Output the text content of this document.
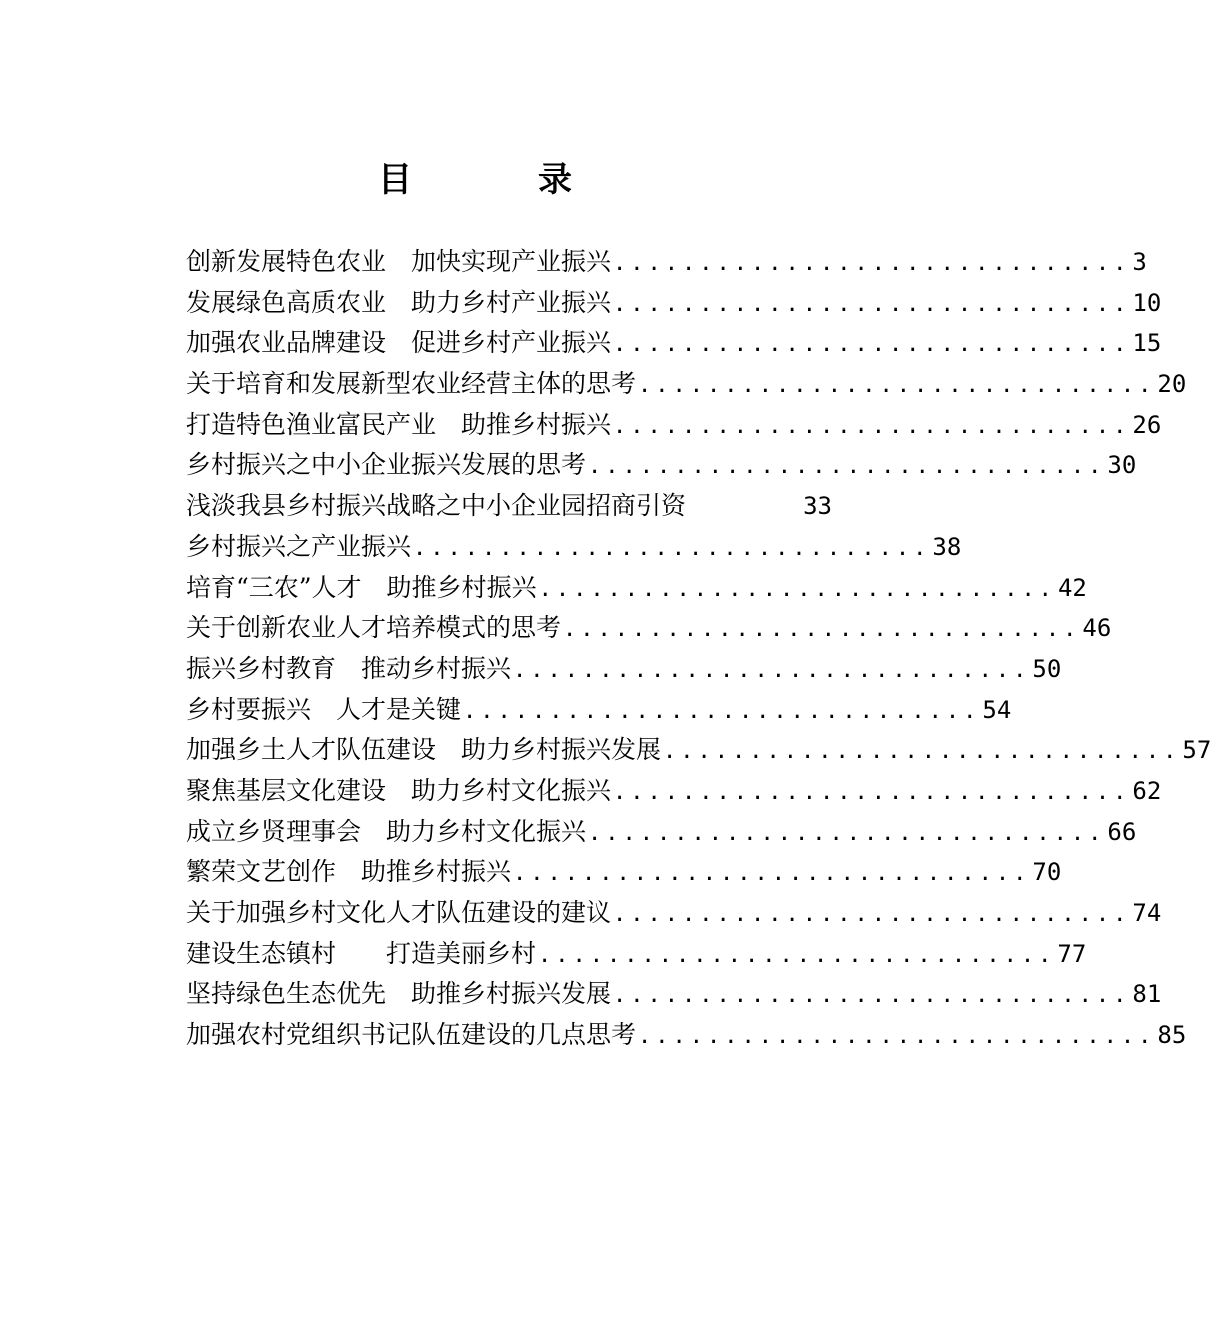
目　录
创新发展特色农业　加快实现产业振兴 .............................. 3
发展绿色高质农业　助力乡村产业振兴 .............................. 10
加强农业品牌建设　促进乡村产业振兴 .............................. 15
关于培育和发展新型农业经营主体的思考 .............................. 20
打造特色渔业富民产业　助推乡村振兴 .............................. 26
乡村振兴之中小企业振兴发展的思考 .............................. 30
浅淡我县乡村振兴战略之中小企业园招商引资	33
乡村振兴之产业振兴 .............................. 38
培育“三农”人才　助推乡村振兴 .............................. 42
关于创新农业人才培养模式的思考 .............................. 46
振兴乡村教育　推动乡村振兴 .............................. 50
乡村要振兴　人才是关键 .............................. 54
加强乡土人才队伍建设　助力乡村振兴发展 .............................. 57
聚焦基层文化建设　助力乡村文化振兴 .............................. 62
成立乡贤理事会　助力乡村文化振兴 .............................. 66
繁荣文艺创作　助推乡村振兴 .............................. 70
关于加强乡村文化人才队伍建设的建议 .............................. 74
建设生态镇村　　打造美丽乡村 .............................. 77
坚持绿色生态优先　助推乡村振兴发展 .............................. 81
加强农村党组织书记队伍建设的几点思考 .............................. 85
